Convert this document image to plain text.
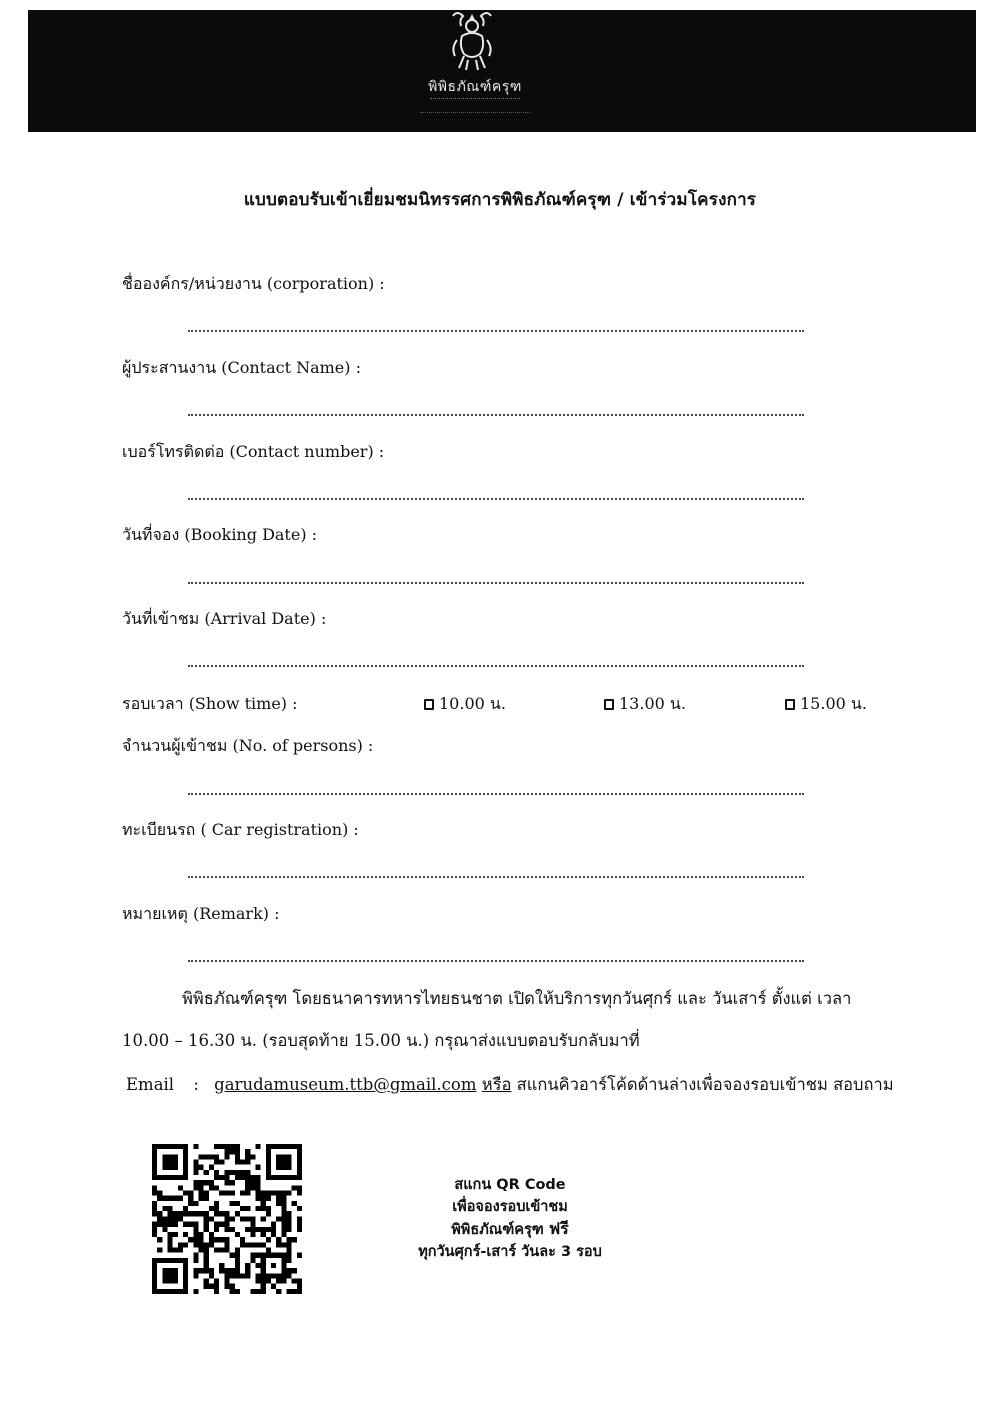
พิพิธภัณฑ์ครุฑ
แบบตอบรับเข้าเยี่ยมชมนิทรรศการพิพิธภัณฑ์ครุฑ / เข้าร่วมโครงการ
ชื่อองค์กร/หน่วยงาน (corporation) :
ผู้ประสานงาน (Contact Name) :
เบอร์โทรติดต่อ (Contact number) :
วันที่จอง (Booking Date) :
วันที่เข้าชม (Arrival Date) :
รอบเวลา (Show time) :	10.00 น.	13.00 น.	15.00 น.
จำนวนผู้เข้าชม (No. of persons) :
ทะเบียนรถ ( Car registration) :
หมายเหตุ (Remark) :
พิพิธภัณฑ์ครุฑ โดยธนาคารทหารไทยธนชาต เปิดให้บริการทุกวันศุกร์ และ วันเสาร์ ตั้งแต่ เวลา
10.00 – 16.30 น. (รอบสุดท้าย 15.00 น.) กรุณาส่งแบบตอบรับกลับมาที่
Email : garudamuseum.ttb@gmail.com หรือ สแกนคิวอาร์โค้ดด้านล่างเพื่อจองรอบเข้าชม สอบถาม
สแกน QR Code
เพื่อจองรอบเข้าชม
พิพิธภัณฑ์ครุฑ ฟรี
ทุกวันศุกร์-เสาร์ วันละ 3 รอบ
